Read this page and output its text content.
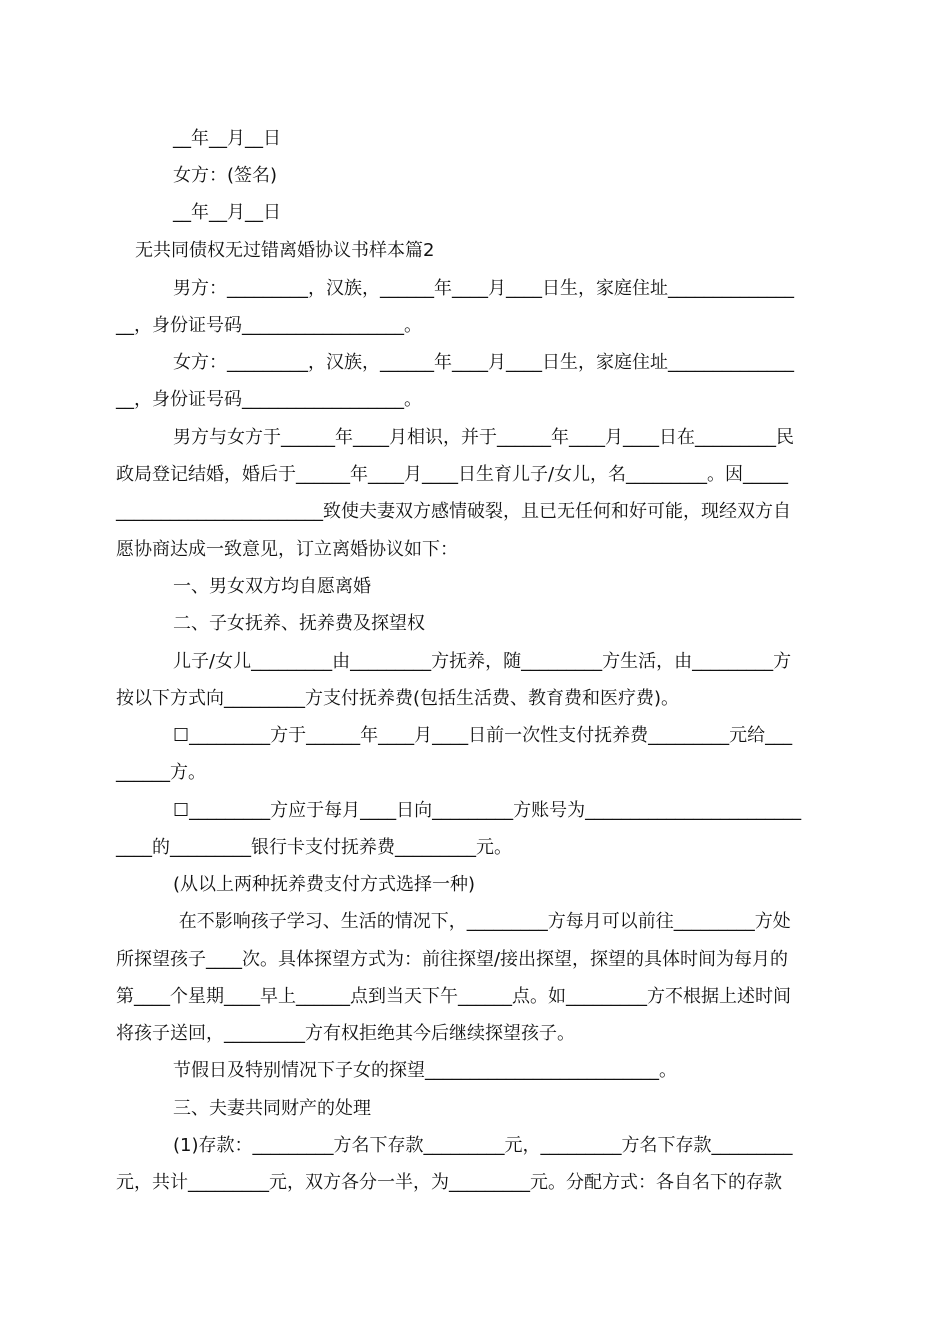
__年__月__日

女方：(签名)

__年__月__日

无共同债权无过错离婚协议书样本篇2

男方：_________，汉族，______年____月____日生，家庭住址______________

__，身份证号码__________________。

女方：_________，汉族，______年____月____日生，家庭住址______________

__，身份证号码__________________。

男方与女方于______年____月相识，并于______年____月____日在_________民

政局登记结婚，婚后于______年____月____日生育儿子/女儿，名_________。因_____

_______________________致使夫妻双方感情破裂，且已无任何和好可能，现经双方自

愿协商达成一致意见，订立离婚协议如下：

一、男女双方均自愿离婚

二、子女抚养、抚养费及探望权

儿子/女儿_________由_________方抚养，随_________方生活，由_________方

按以下方式向_________方支付抚养费(包括生活费、教育费和医疗费)。

☐_________方于______年____月____日前一次性支付抚养费_________元给___

______方。

☐_________方应于每月____日向_________方账号为________________________

____的_________银行卡支付抚养费_________元。

(从以上两种抚养费支付方式选择一种)

在不影响孩子学习、生活的情况下，_________方每月可以前往_________方处

所探望孩子____次。具体探望方式为：前往探望/接出探望，探望的具体时间为每月的

第____个星期____早上______点到当天下午______点。如_________方不根据上述时间

将孩子送回，_________方有权拒绝其今后继续探望孩子。

节假日及特别情况下子女的探望__________________________。

三、夫妻共同财产的处理

(1)存款：_________方名下存款_________元，_________方名下存款_________

元，共计_________元，双方各分一半，为_________元。分配方式：各自名下的存款
